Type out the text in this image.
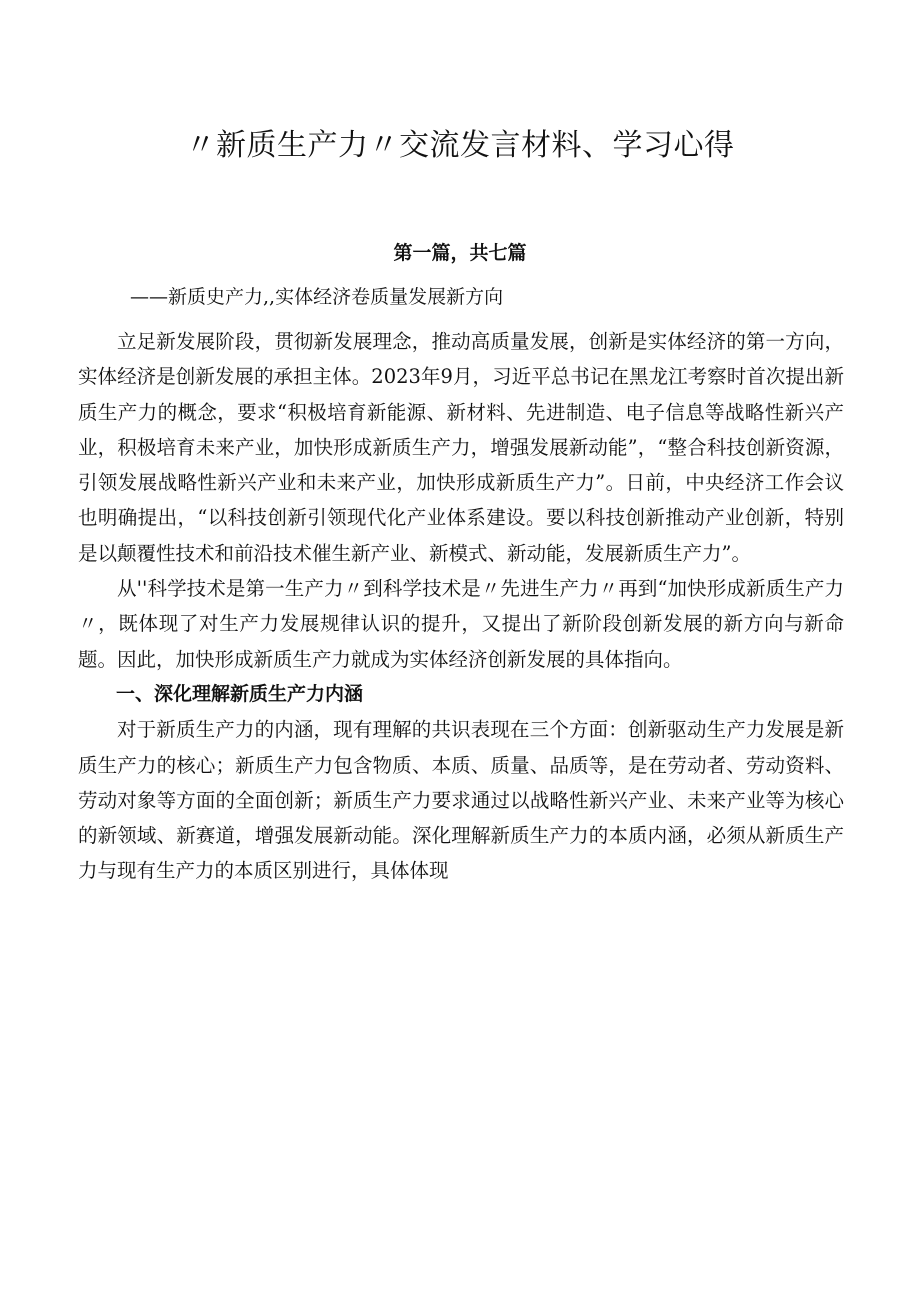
〃新质生产力〃交流发言材料、学习心得
第一篇，共七篇
——新质史产力,,实体经济卷质量发展新方向

立足新发展阶段，贯彻新发展理念，推动高质量发展，创新是实体经济的第一方向，实体经济是创新发展的承担主体。2023年9月，习近平总书记在黑龙江考察时首次提出新质生产力的概念，要求“积极培育新能源、新材料、先进制造、电子信息等战略性新兴产业，积极培育未来产业，加快形成新质生产力，增强发展新动能”，“整合科技创新资源，引领发展战略性新兴产业和未来产业，加快形成新质生产力”。日前，中央经济工作会议也明确提出，“以科技创新引领现代化产业体系建设。要以科技创新推动产业创新，特别是以颠覆性技术和前沿技术催生新产业、新模式、新动能，发展新质生产力”。

从''科学技术是第一生产力〃到科学技术是〃先进生产力〃再到“加快形成新质生产力〃，既体现了对生产力发展规律认识的提升，又提出了新阶段创新发展的新方向与新命题。因此，加快形成新质生产力就成为实体经济创新发展的具体指向。

一、深化理解新质生产力内涵

对于新质生产力的内涵，现有理解的共识表现在三个方面：创新驱动生产力发展是新质生产力的核心；新质生产力包含物质、本质、质量、品质等，是在劳动者、劳动资料、劳动对象等方面的全面创新；新质生产力要求通过以战略性新兴产业、未来产业等为核心的新领域、新赛道，增强发展新动能。深化理解新质生产力的本质内涵，必须从新质生产力与现有生产力的本质区别进行，具体体现
